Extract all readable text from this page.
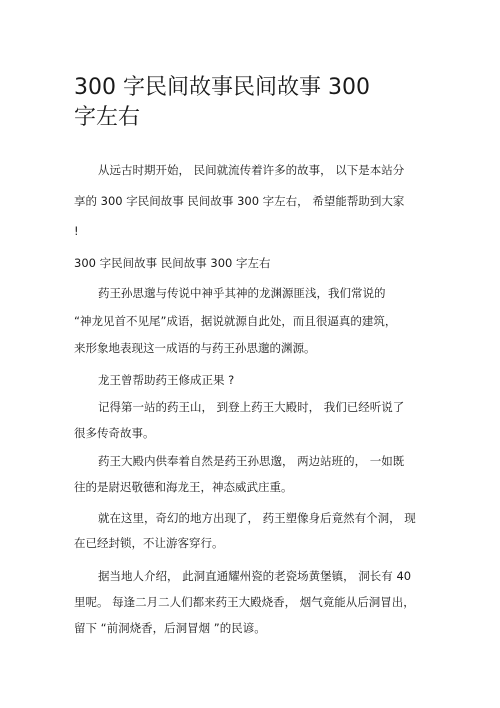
300 字民间故事民间故事 300
字左右
从远古时期开始， 民间就流传着许多的故事， 以下是本站分
享的 300 字民间故事 民间故事 300 字左右， 希望能帮助到大家
!
300 字民间故事 民间故事 300 字左右
药王孙思邈与传说中神乎其神的龙渊源匪浅，我们常说的
“神龙见首不见尾”成语，据说就源自此处，而且很逼真的建筑，
来形象地表现这一成语的与药王孙思邈的渊源。
龙王曾帮助药王修成正果 ?
记得第一站的药王山， 到登上药王大殿时， 我们已经听说了
很多传奇故事。
药王大殿内供奉着自然是药王孙思邈， 两边站班的， 一如既
往的是尉迟敬德和海龙王，神态威武庄重。
就在这里，奇幻的地方出现了， 药王塑像身后竟然有个洞， 现
在已经封锁，不让游客穿行。
据当地人介绍， 此洞直通耀州瓷的老瓷场黄堡镇， 洞长有 40
里呢。 每逢二月二人们都来药王大殿烧香， 烟气竟能从后洞冒出，
留下 “前洞烧香，后洞冒烟 ”的民谚。
